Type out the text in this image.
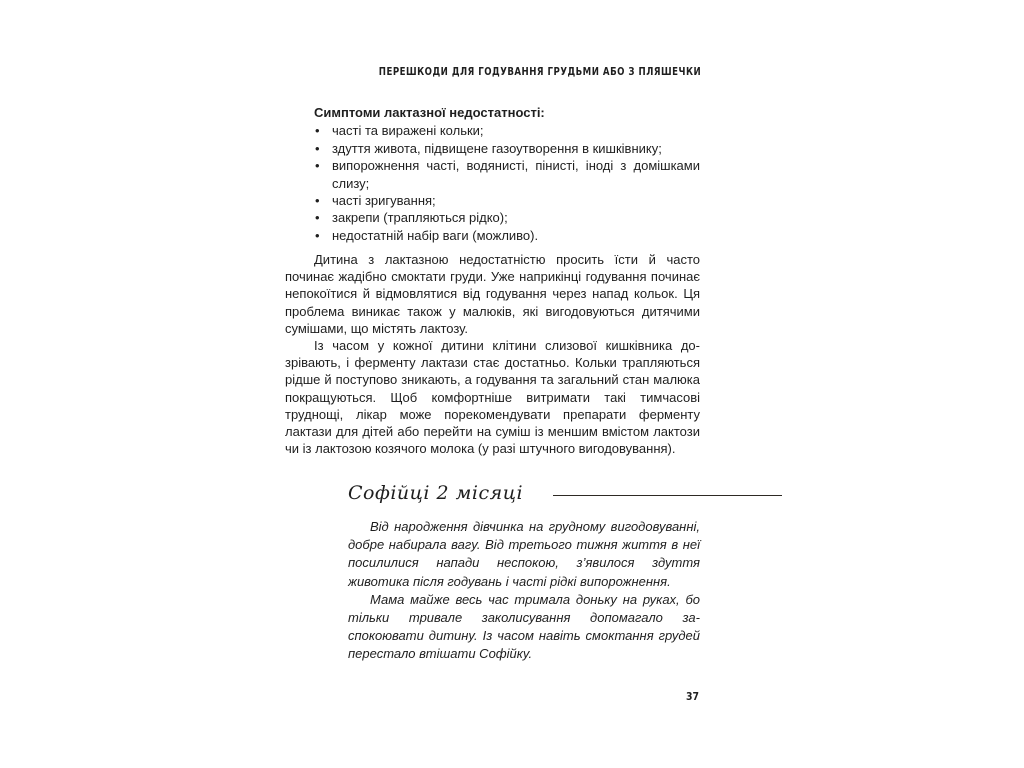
ПЕРЕШКОДИ ДЛЯ ГОДУВАННЯ ГРУДЬМИ АБО З ПЛЯШЕЧКИ

Симптоми лактазної недостатності:

• часті та виражені кольки;
• здуття живота, підвищене газоутворення в кишківнику;
• випорожнення часті, водянисті, пінисті, іноді з домішками слизу;
• часті зригування;
• закрепи (трапляються рідко);
• недостатній набір ваги (можливо).

Дитина з лактазною недостатністю просить їсти й часто починає жадібно смоктати груди. Уже наприкінці годування починає непокоїтися й відмовлятися від годування через напад кольок. Ця проблема виникає також у малюків, які вигодовуються дитячими сумішами, що містять лактозу.

Із часом у кожної дитини клітини слизової кишківника дозрівають, і ферменту лактази стає достатньо. Кольки трапляються рідше й поступово зникають, а годування та загальний стан малюка покращуються. Щоб комфортніше витримати такі тимчасові труднощі, лікар може порекомендувати препарати ферменту лактази для дітей або перейти на суміш із меншим вмістом лактози чи із лактозою козячого молока (у разі штучного вигодовування).

Софійці 2 місяці

Від народження дівчинка на грудному вигодовуванні, добре набирала вагу. Від третього тижня життя в неї посилилися напади неспокою, з’явилося здуття животика після годувань і часті рідкі випорожнення.

Мама майже весь час тримала доньку на руках, бо тільки тривале заколисування допомагало заспокоювати дитину. Із часом навіть смоктання грудей перестало втішати Софійку.

37
